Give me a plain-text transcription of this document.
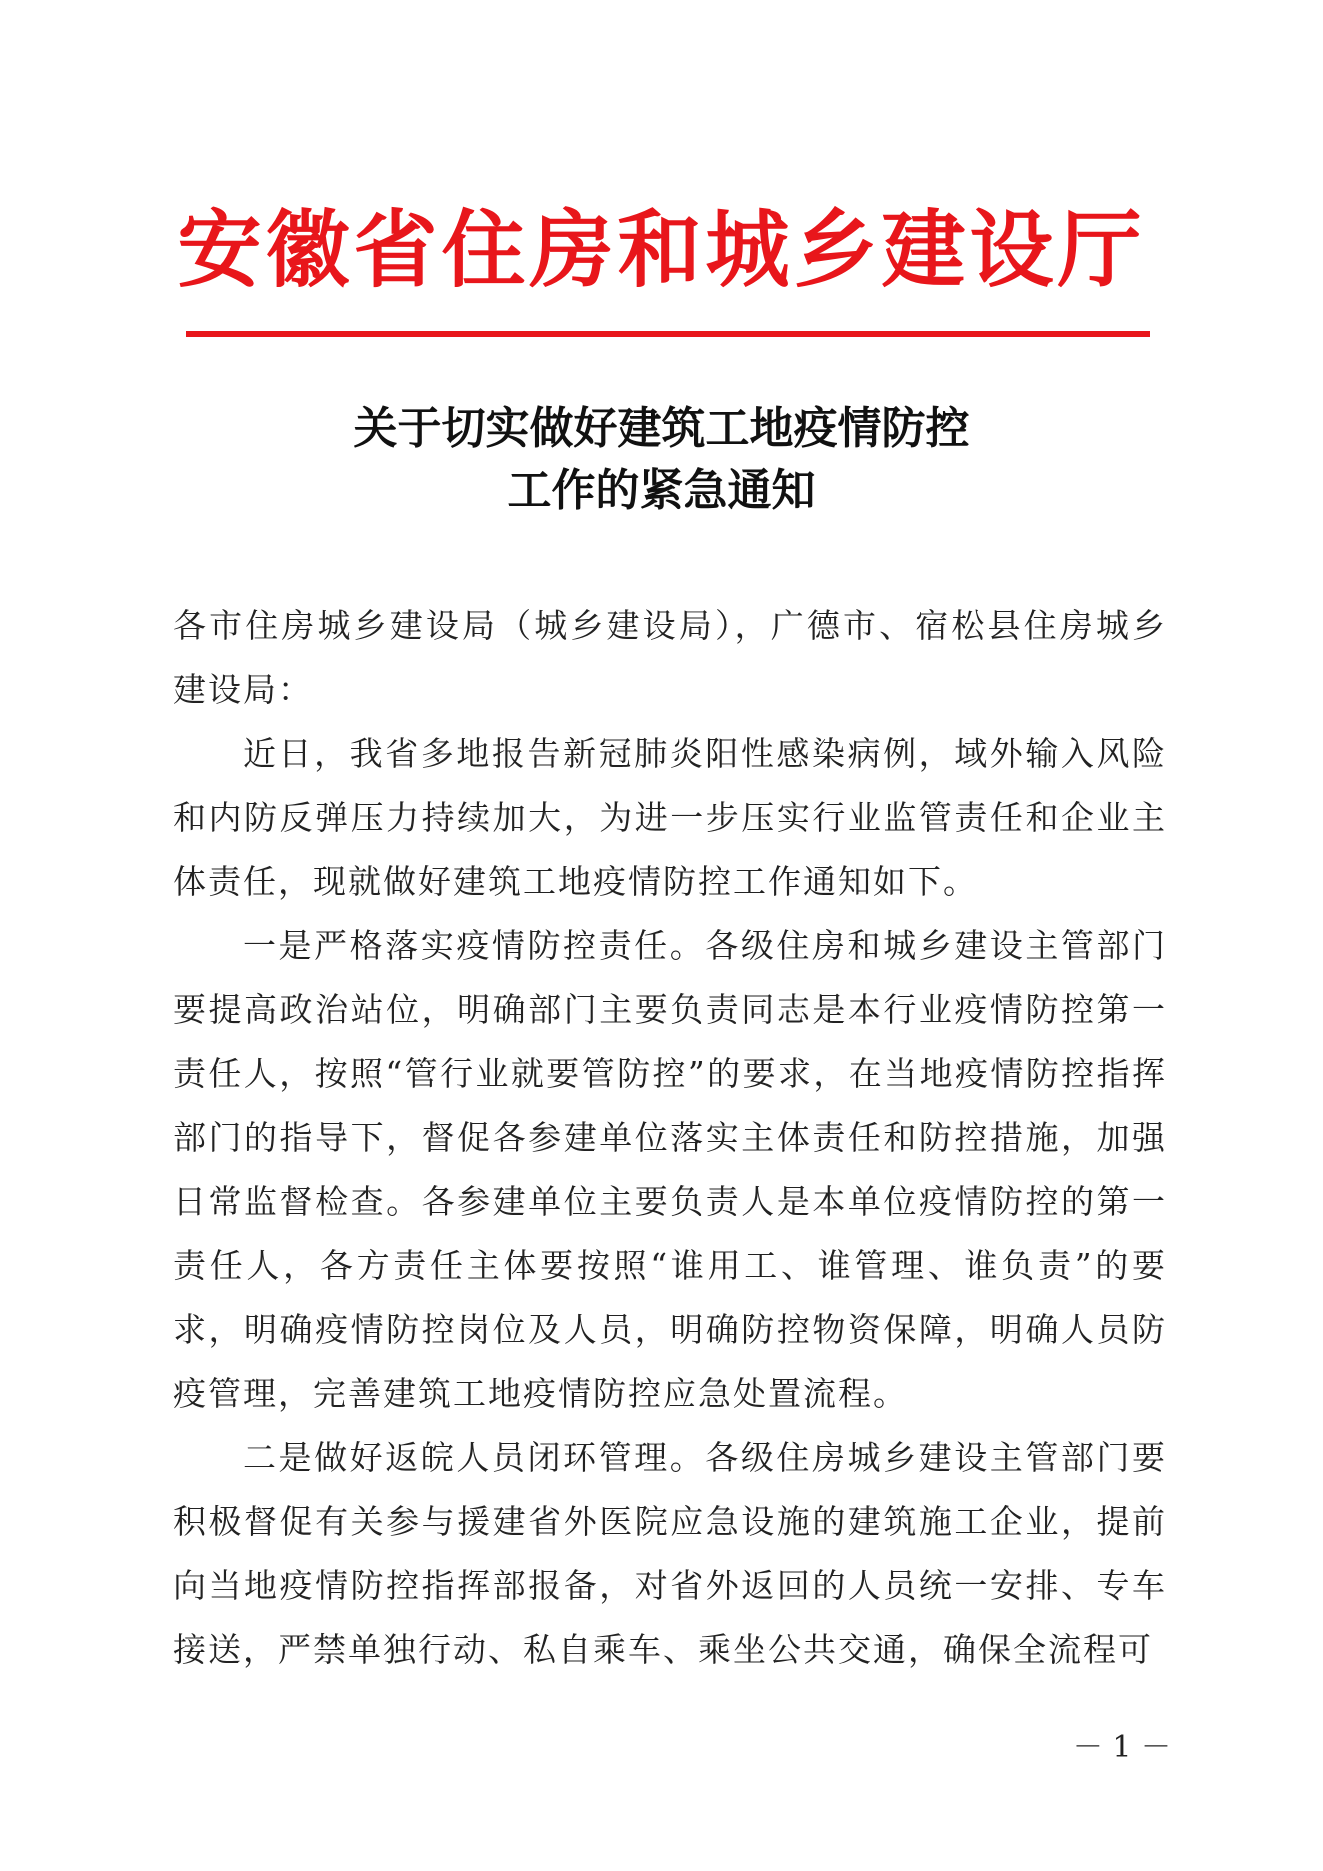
安徽省住房和城乡建设厅
关于切实做好建筑工地疫情防控
工作的紧急通知

各市住房城乡建设局（城乡建设局），广德市、宿松县住房城乡建设局：

近日，我省多地报告新冠肺炎阳性感染病例，域外输入风险和内防反弹压力持续加大，为进一步压实行业监管责任和企业主体责任，现就做好建筑工地疫情防控工作通知如下。

一是严格落实疫情防控责任。各级住房和城乡建设主管部门要提高政治站位，明确部门主要负责同志是本行业疫情防控第一责任人，按照“管行业就要管防控”的要求，在当地疫情防控指挥部门的指导下，督促各参建单位落实主体责任和防控措施，加强日常监督检查。各参建单位主要负责人是本单位疫情防控的第一责任人，各方责任主体要按照“谁用工、谁管理、谁负责”的要求，明确疫情防控岗位及人员，明确防控物资保障，明确人员防疫管理，完善建筑工地疫情防控应急处置流程。

二是做好返皖人员闭环管理。各级住房城乡建设主管部门要积极督促有关参与援建省外医院应急设施的建筑施工企业，提前向当地疫情防控指挥部报备，对省外返回的人员统一安排、专车接送，严禁单独行动、私自乘车、乘坐公共交通，确保全流程可

－ 1 －
